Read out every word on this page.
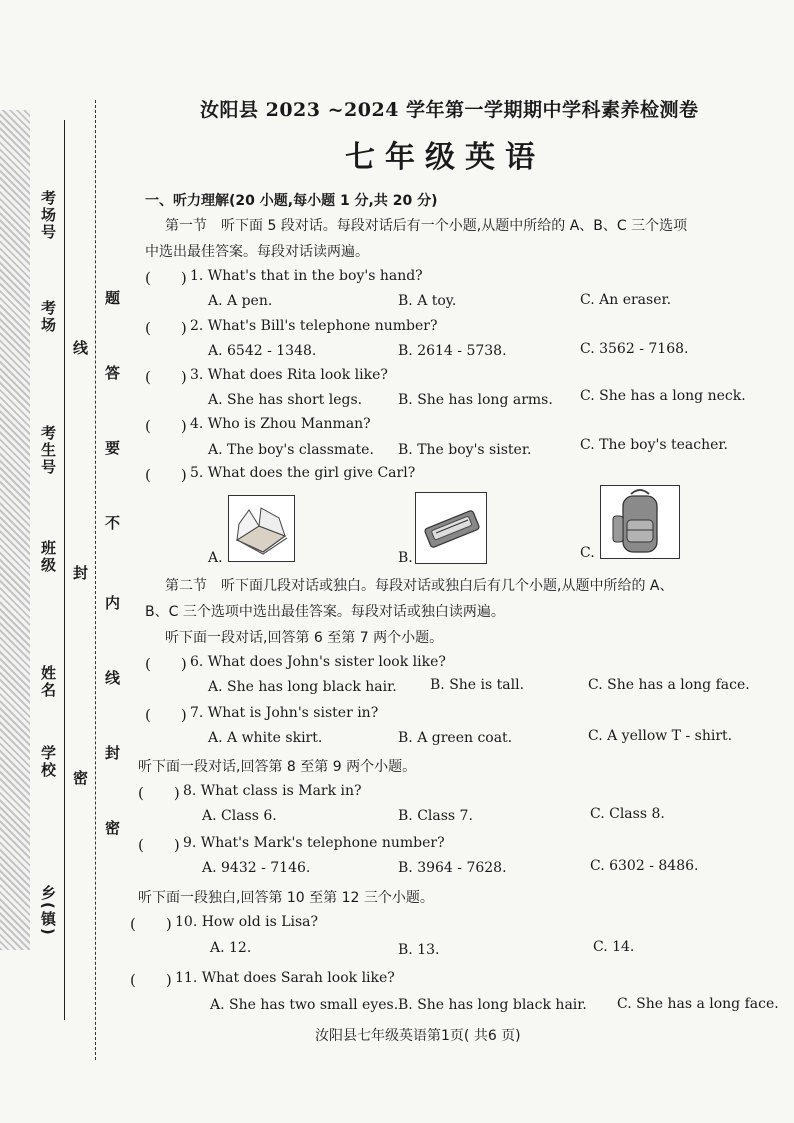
考场号
考场
考生号
班级
姓名
学校
乡(镇)
题
线
答
要
不
封
内
线
封
密
密
汝阳县 2023 ~2024 学年第一学期期中学科素养检测卷
七年级英语
一、听力理解(20 小题,每小题 1 分,共 20 分)
第一节　听下面 5 段对话。每段对话后有一个小题,从题中所给的 A、B、C 三个选项
中选出最佳答案。每段对话读两遍。
(　　) 1. What's that in the boy's hand?
A. A pen.	B. A toy.	C. An eraser.
(　　) 2. What's Bill's telephone number?
A. 6542 - 1348.	B. 2614 - 5738.	C. 3562 - 7168.
(　　) 3. What does Rita look like?
A. She has short legs.	B. She has long arms. C. She has a long neck.
(　　) 4. Who is Zhou Manman?
A. The boy's classmate. B. The boy's sister.	C. The boy's teacher.
(　　) 5. What does the girl give Carl?
A.	B.	C.
第二节　听下面几段对话或独白。每段对话或独白后有几个小题,从题中所给的 A、
B、C 三个选项中选出最佳答案。每段对话或独白读两遍。
听下面一段对话,回答第 6 至第 7 两个小题。
(　　) 6. What does John's sister look like?
A. She has long black hair. B. She is tall.	C. She has a long face.
(　　) 7. What is John's sister in?
A. A white skirt.	B. A green coat.	C. A yellow T - shirt.
听下面一段对话,回答第 8 至第 9 两个小题。
(　　) 8. What class is Mark in?
A. Class 6.	B. Class 7.	C. Class 8.
(　　) 9. What's Mark's telephone number?
A. 9432 - 7146.	B. 3964 - 7628.	C. 6302 - 8486.
听下面一段独白,回答第 10 至第 12 三个小题。
(　　) 10. How old is Lisa?
A. 12.	B. 13.	C. 14.
(　　) 11. What does Sarah look like?
A. She has two small eyes. B. She has long black hair. C. She has a long face.
汝阳县七年级英语第1页( 共6 页)
